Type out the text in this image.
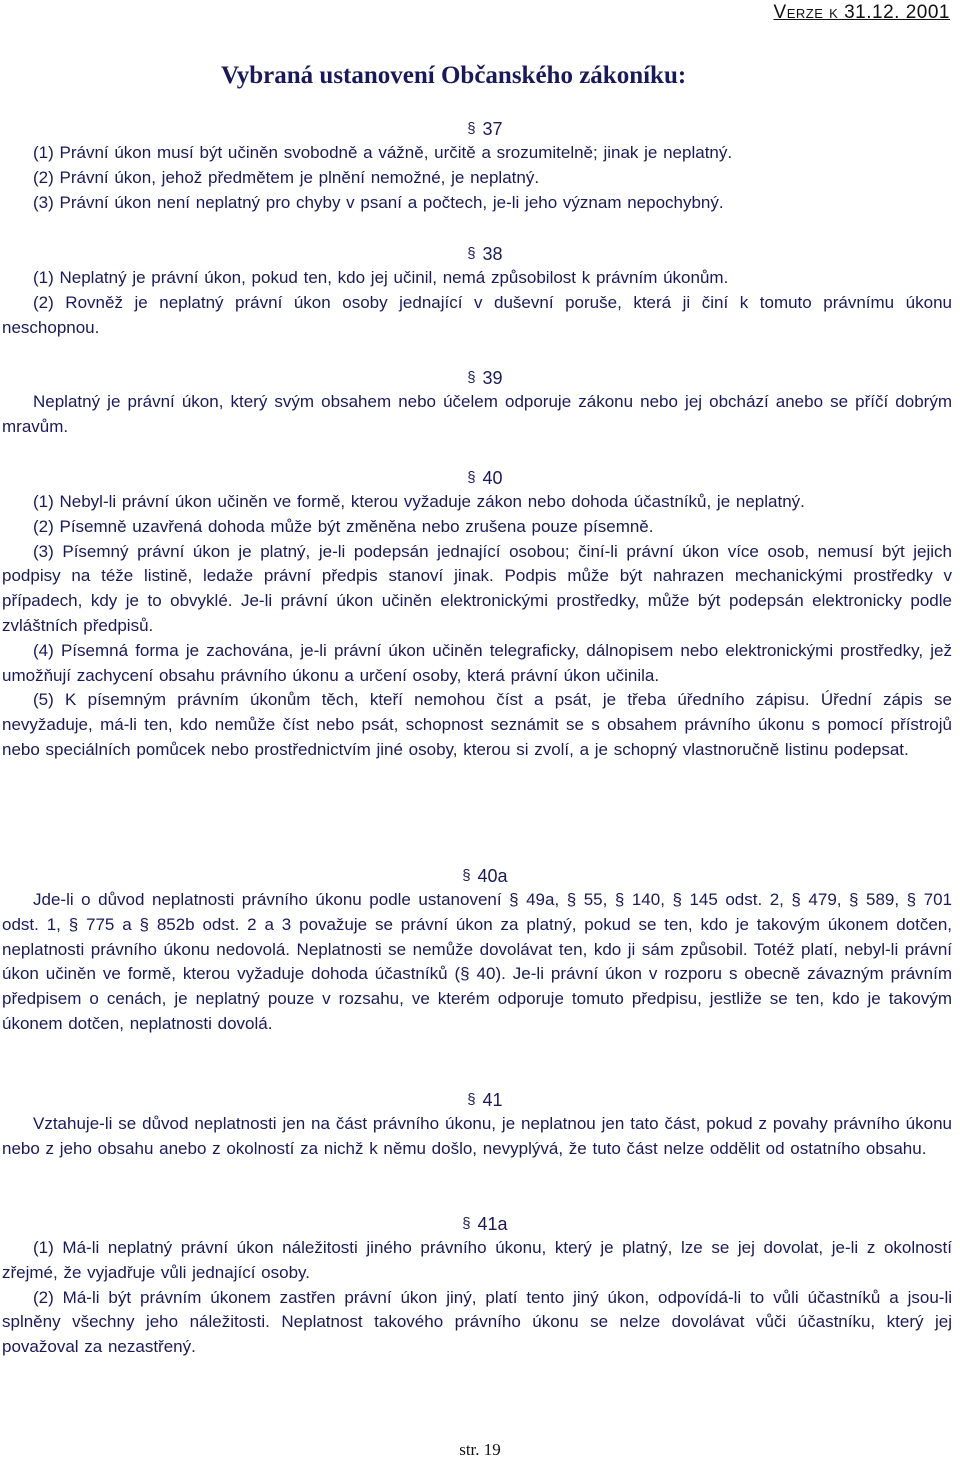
Verze k 31.12. 2001
Vybraná ustanovení Občanského zákoníku:
§ 37

(1) Právní úkon musí být učiněn svobodně a vážně, určitě a srozumitelně; jinak je neplatný.

(2) Právní úkon, jehož předmětem je plnění nemožné, je neplatný.

(3) Právní úkon není neplatný pro chyby v psaní a počtech, je-li jeho význam nepochybný.

§ 38

(1) Neplatný je právní úkon, pokud ten, kdo jej učinil, nemá způsobilost k právním úkonům.

(2) Rovněž je neplatný právní úkon osoby jednající v duševní poruše, která ji činí k tomuto právnímu úkonu neschopnou.

§ 39

Neplatný je právní úkon, který svým obsahem nebo účelem odporuje zákonu nebo jej obchází anebo se příčí dobrým mravům.

§ 40

(1) Nebyl-li právní úkon učiněn ve formě, kterou vyžaduje zákon nebo dohoda účastníků, je neplatný.

(2) Písemně uzavřená dohoda může být změněna nebo zrušena pouze písemně.

(3) Písemný právní úkon je platný, je-li podepsán jednající osobou; činí-li právní úkon více osob, nemusí být jejich podpisy na téže listině, ledaže právní předpis stanoví jinak. Podpis může být nahrazen mechanickými prostředky v případech, kdy je to obvyklé. Je-li právní úkon učiněn elektronickými prostředky, může být podepsán elektronicky podle zvláštních předpisů.

(4) Písemná forma je zachována, je-li právní úkon učiněn telegraficky, dálnopisem nebo elektronickými prostředky, jež umožňují zachycení obsahu právního úkonu a určení osoby, která právní úkon učinila.

(5) K písemným právním úkonům těch, kteří nemohou číst a psát, je třeba úředního zápisu. Úřední zápis se nevyžaduje, má-li ten, kdo nemůže číst nebo psát, schopnost seznámit se s obsahem právního úkonu s pomocí přístrojů nebo speciálních pomůcek nebo prostřednictvím jiné osoby, kterou si zvolí, a je schopný vlastnoručně listinu podepsat.

§ 40a

Jde-li o důvod neplatnosti právního úkonu podle ustanovení § 49a, § 55, § 140, § 145 odst. 2, § 479, § 589, § 701 odst. 1, § 775 a § 852b odst. 2 a 3 považuje se právní úkon za platný, pokud se ten, kdo je takovým úkonem dotčen, neplatnosti právního úkonu nedovolá. Neplatnosti se nemůže dovolávat ten, kdo ji sám způsobil. Totéž platí, nebyl-li právní úkon učiněn ve formě, kterou vyžaduje dohoda účastníků (§ 40). Je-li právní úkon v rozporu s obecně závazným právním předpisem o cenách, je neplatný pouze v rozsahu, ve kterém odporuje tomuto předpisu, jestliže se ten, kdo je takovým úkonem dotčen, neplatnosti dovolá.

§ 41

Vztahuje-li se důvod neplatnosti jen na část právního úkonu, je neplatnou jen tato část, pokud z povahy právního úkonu nebo z jeho obsahu anebo z okolností za nichž k němu došlo, nevyplývá, že tuto část nelze oddělit od ostatního obsahu.

§ 41a

(1) Má-li neplatný právní úkon náležitosti jiného právního úkonu, který je platný, lze se jej dovolat, je-li z okolností zřejmé, že vyjadřuje vůli jednající osoby.

(2) Má-li být právním úkonem zastřen právní úkon jiný, platí tento jiný úkon, odpovídá-li to vůli účastníků a jsou-li splněny všechny jeho náležitosti. Neplatnost takového právního úkonu se nelze dovolávat vůči účastníku, který jej považoval za nezastřený.

str. 19
